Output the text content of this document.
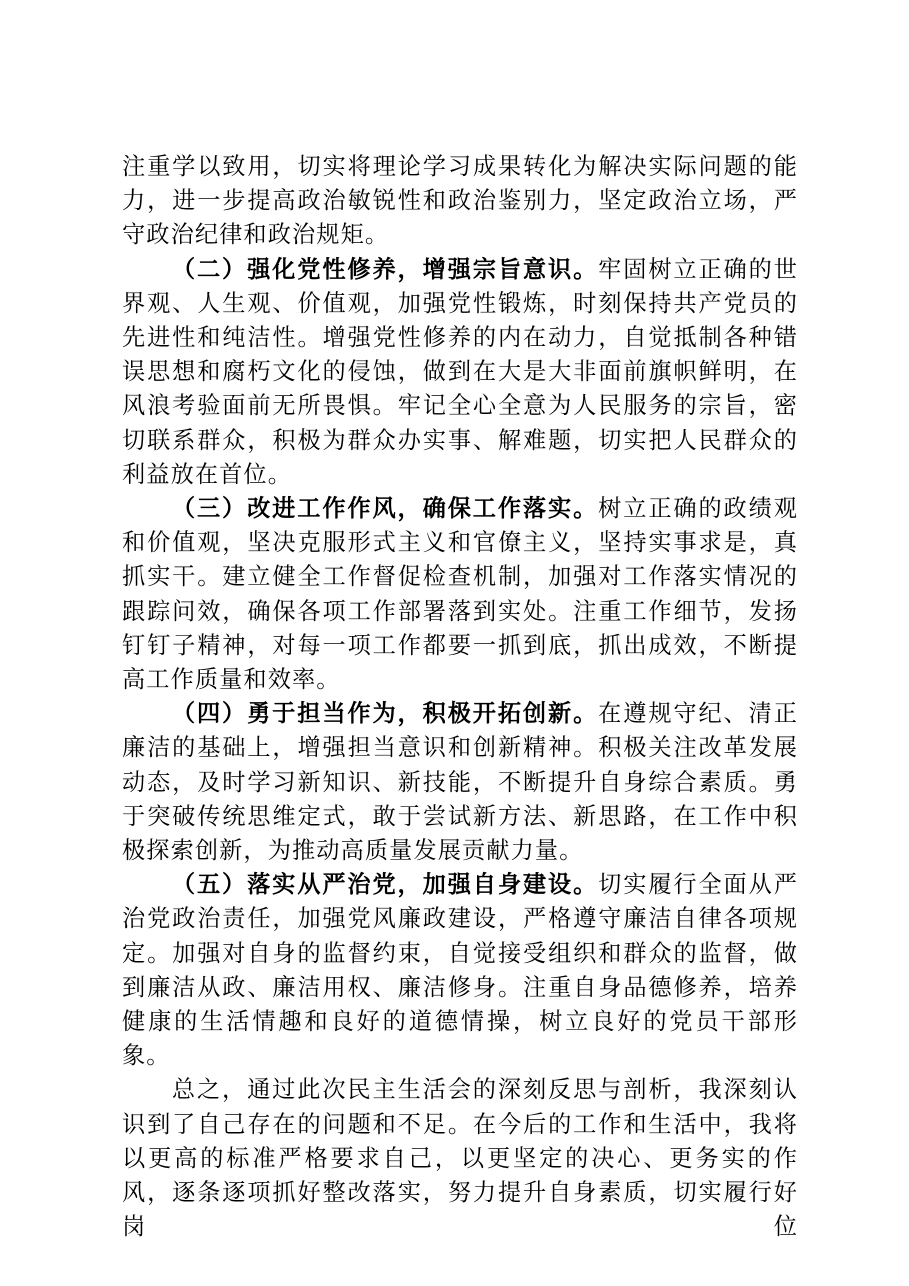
注重学以致用，切实将理论学习成果转化为解决实际问题的能力，进一步提高政治敏锐性和政治鉴别力，坚定政治立场，严守政治纪律和政治规矩。

（二）强化党性修养，增强宗旨意识。牢固树立正确的世界观、人生观、价值观，加强党性锻炼，时刻保持共产党员的先进性和纯洁性。增强党性修养的内在动力，自觉抵制各种错误思想和腐朽文化的侵蚀，做到在大是大非面前旗帜鲜明，在风浪考验面前无所畏惧。牢记全心全意为人民服务的宗旨，密切联系群众，积极为群众办实事、解难题，切实把人民群众的利益放在首位。

（三）改进工作作风，确保工作落实。树立正确的政绩观和价值观，坚决克服形式主义和官僚主义，坚持实事求是，真抓实干。建立健全工作督促检查机制，加强对工作落实情况的跟踪问效，确保各项工作部署落到实处。注重工作细节，发扬钉钉子精神，对每一项工作都要一抓到底，抓出成效，不断提高工作质量和效率。

（四）勇于担当作为，积极开拓创新。在遵规守纪、清正廉洁的基础上，增强担当意识和创新精神。积极关注改革发展动态，及时学习新知识、新技能，不断提升自身综合素质。勇于突破传统思维定式，敢于尝试新方法、新思路，在工作中积极探索创新，为推动高质量发展贡献力量。

（五）落实从严治党，加强自身建设。切实履行全面从严治党政治责任，加强党风廉政建设，严格遵守廉洁自律各项规定。加强对自身的监督约束，自觉接受组织和群众的监督，做到廉洁从政、廉洁用权、廉洁修身。注重自身品德修养，培养健康的生活情趣和良好的道德情操，树立良好的党员干部形象。

总之，通过此次民主生活会的深刻反思与剖析，我深刻认识到了自己存在的问题和不足。在今后的工作和生活中，我将以更高的标准严格要求自己，以更坚定的决心、更务实的作风，逐条逐项抓好整改落实，努力提升自身素质，切实履行好岗位
